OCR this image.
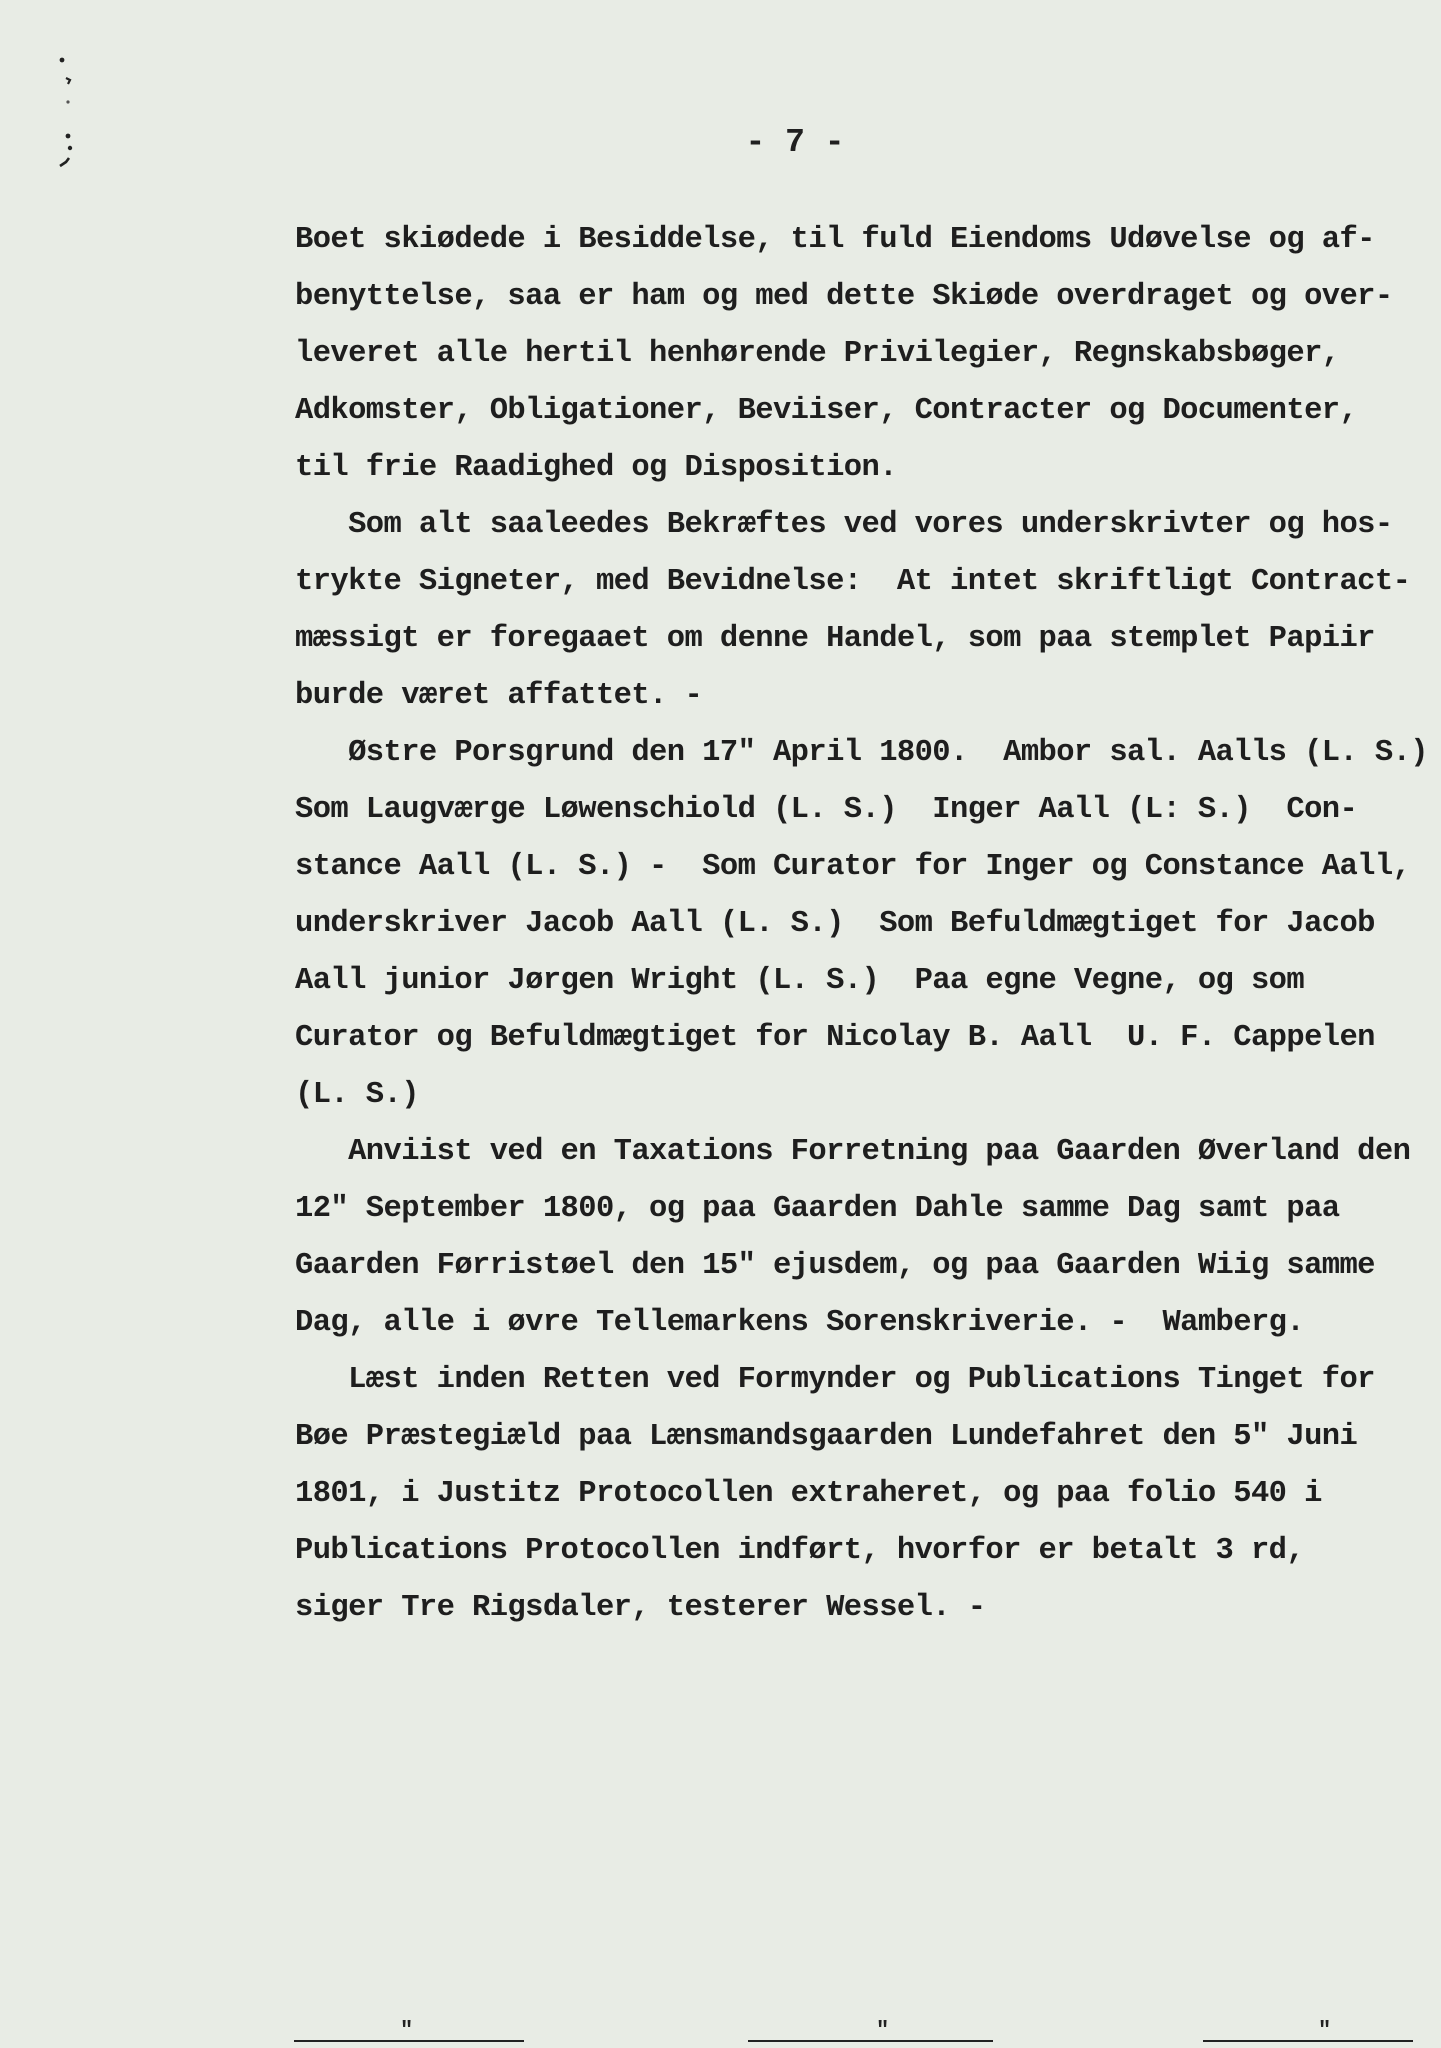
- 7 -
Boet skiødede i Besiddelse, til fuld Eiendoms Udøvelse og af-
benyttelse, saa er ham og med dette Skiøde overdraget og over-
leveret alle hertil henhørende Privilegier, Regnskabsbøger,
Adkomster, Obligationer, Beviiser, Contracter og Documenter,
til frie Raadighed og Disposition.
Som alt saaleedes Bekræftes ved vores underskrivter og hos-
trykte Signeter, med Bevidnelse:  At intet skriftligt Contract-
mæssigt er foregaaet om denne Handel, som paa stemplet Papiir
burde været affattet. -
Østre Porsgrund den 17" April 1800.  Ambor sal. Aalls (L. S.)
Som Laugværge Løwenschiold (L. S.)  Inger Aall (L: S.)  Con-
stance Aall (L. S.) -  Som Curator for Inger og Constance Aall,
underskriver Jacob Aall (L. S.)  Som Befuldmægtiget for Jacob
Aall junior Jørgen Wright (L. S.)  Paa egne Vegne, og som
Curator og Befuldmægtiget for Nicolay B. Aall  U. F. Cappelen
(L. S.)
Anviist ved en Taxations Forretning paa Gaarden Øverland den
12" September 1800, og paa Gaarden Dahle samme Dag samt paa
Gaarden Førristøel den 15" ejusdem, og paa Gaarden Wiig samme
Dag, alle i øvre Tellemarkens Sorenskriverie. -  Wamberg.
Læst inden Retten ved Formynder og Publications Tinget for
Bøe Præstegiæld paa Lænsmandsgaarden Lundefahret den 5" Juni
1801, i Justitz Protocollen extraheret, og paa folio 540 i
Publications Protocollen indført, hvorfor er betalt 3 rd,
siger Tre Rigsdaler, testerer Wessel. -
"	"	"
